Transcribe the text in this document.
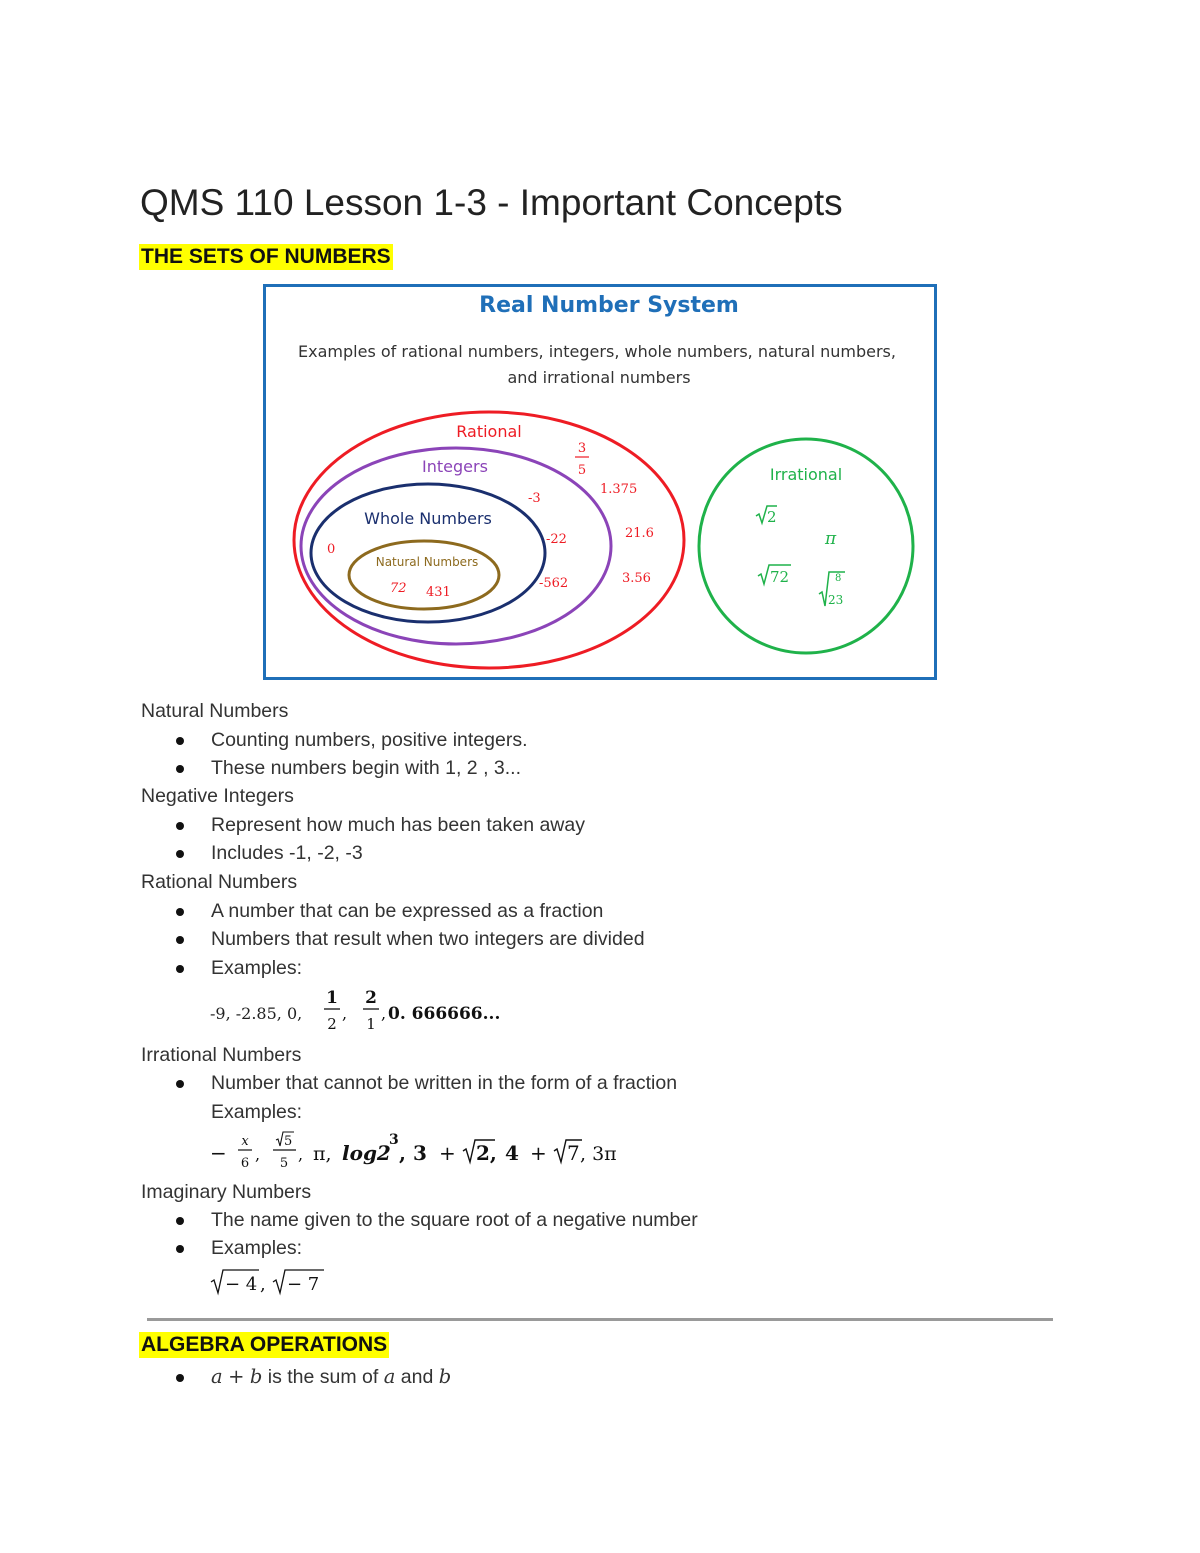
QMS 110 Lesson 1-3 - Important Concepts
THE SETS OF NUMBERS
Real Number System
Examples of rational numbers, integers, whole numbers, natural numbers,
and irrational numbers
Rational
Integers
Whole Numbers
Natural Numbers
Irrational
3
5
1.375
21.6
3.56
-3
-22
-562
0
72 431
2
π
72	8
23
Natural Numbers
Counting numbers, positive integers.
These numbers begin with 1, 2 , 3...
Negative Integers
Represent how much has been taken away
Includes -1, -2, -3
Rational Numbers
A number that can be expressed as a fraction
Numbers that result when two integers are divided
Examples:
-9, -2.85, 0,
1
2
,
2
1
, 0. 666666...
Irrational Numbers
Number that cannot be written in the form of a fraction
Examples:
− x
6 ,
5
5 , π, log2
3
, 3 + 2, 4 + 7 , 3π
Imaginary Numbers
The name given to the square root of a negative number
Examples:
− 4 , − 7
ALGEBRA OPERATIONS
a + b is the sum of a and b
